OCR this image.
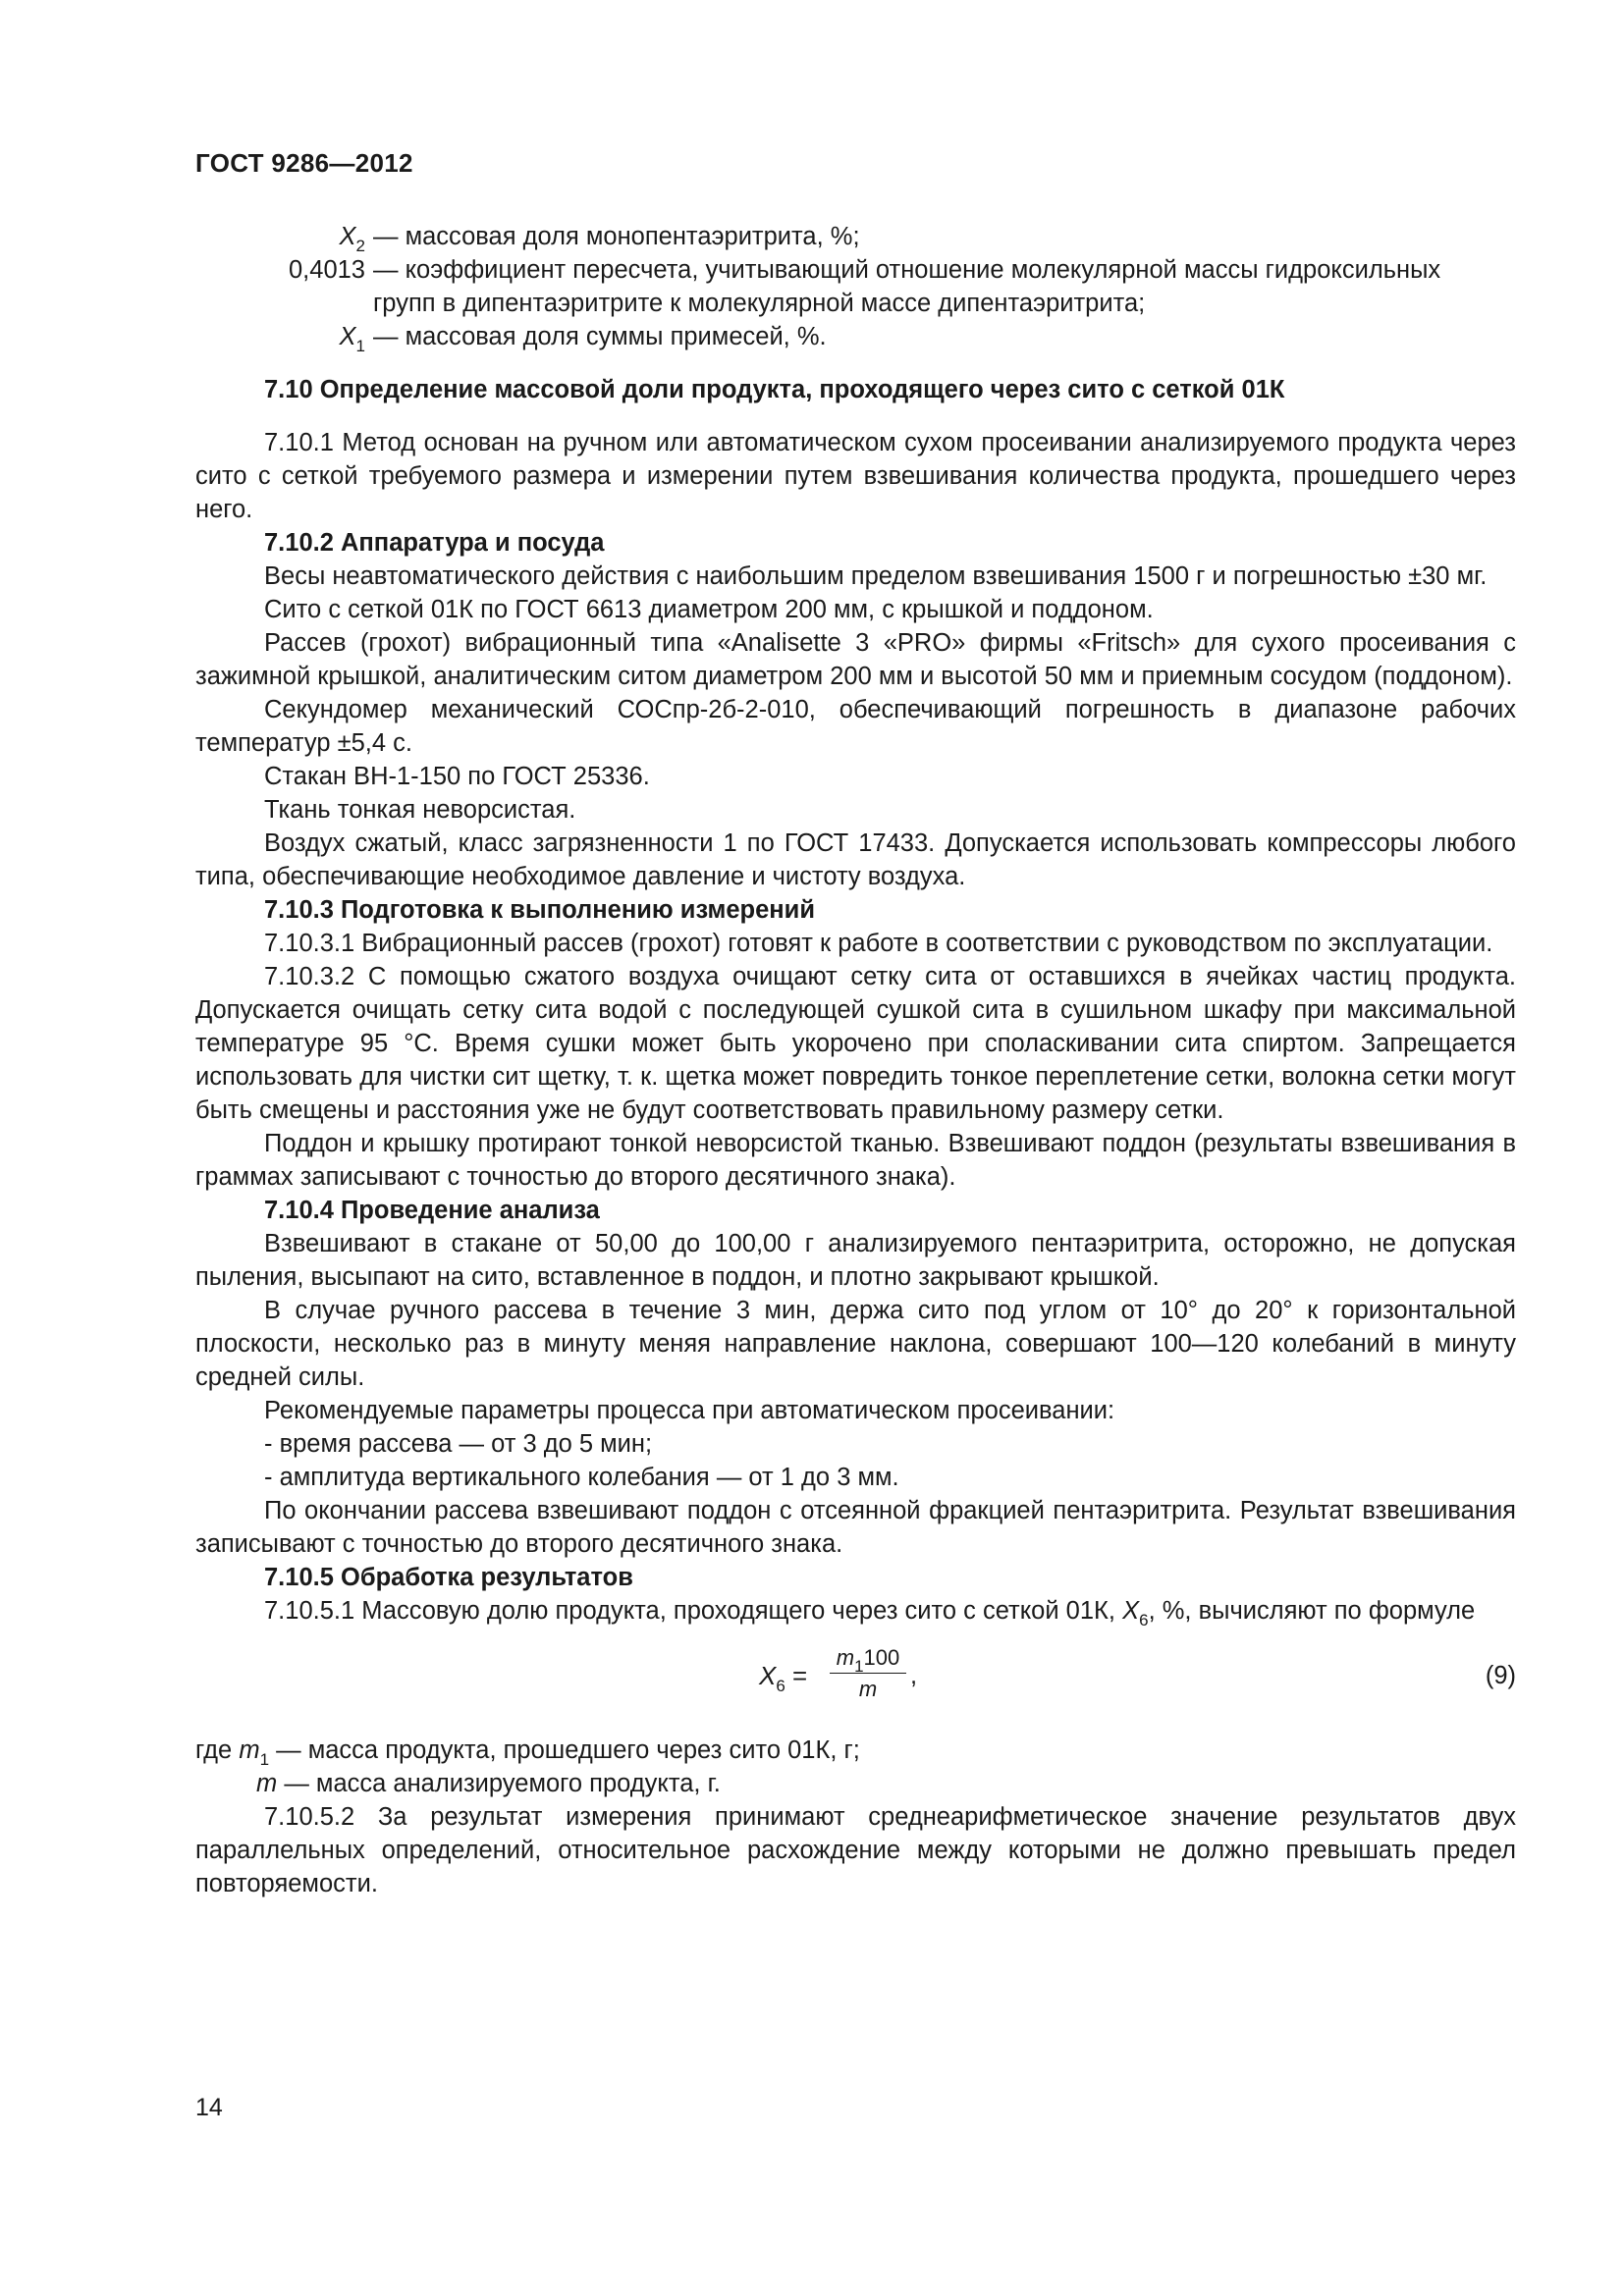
ГОСТ 9286—2012
$X_2$ — массовая доля монопентаэритрита, %;
0,4013 — коэффициент пересчета, учитывающий отношение молекулярной массы гидроксильных
групп в дипентаэритрите к молекулярной массе дипентаэритрита;
$X_1$ — массовая доля суммы примесей, %.

7.10 Определение массовой доли продукта, проходящего через сито с сеткой 01К

7.10.1 Метод основан на ручном или автоматическом сухом просеивании анализируемого продукта через сито с сеткой требуемого размера и измерении путем взвешивания количества продукта, прошедшего через него.

7.10.2 Аппаратура и посуда

Весы неавтоматического действия с наибольшим пределом взвешивания 1500 г и погрешностью ±30 мг.

Сито с сеткой 01К по ГОСТ 6613 диаметром 200 мм, с крышкой и поддоном.

Рассев (грохот) вибрационный типа «Analisette 3 «PRO» фирмы «Fritsch» для сухого просеивания с зажимной крышкой, аналитическим ситом диаметром 200 мм и высотой 50 мм и приемным сосудом (поддоном).

Секундомер механический СОСпр-2б-2-010, обеспечивающий погрешность в диапазоне рабочих температур ±5,4 с.

Стакан ВН-1-150 по ГОСТ 25336.

Ткань тонкая неворсистая.

Воздух сжатый, класс загрязненности 1 по ГОСТ 17433. Допускается использовать компрессоры любого типа, обеспечивающие необходимое давление и чистоту воздуха.

7.10.3 Подготовка к выполнению измерений

7.10.3.1 Вибрационный рассев (грохот) готовят к работе в соответствии с руководством по эксплуатации.

7.10.3.2 С помощью сжатого воздуха очищают сетку сита от оставшихся в ячейках частиц продукта. Допускается очищать сетку сита водой с последующей сушкой сита в сушильном шкафу при максимальной температуре 95 °С. Время сушки может быть укорочено при споласкивании сита спиртом. Запрещается использовать для чистки сит щетку, т. к. щетка может повредить тонкое переплетение сетки, волокна сетки могут быть смещены и расстояния уже не будут соответствовать правильному размеру сетки.

Поддон и крышку протирают тонкой неворсистой тканью. Взвешивают поддон (результаты взвешивания в граммах записывают с точностью до второго десятичного знака).

7.10.4 Проведение анализа

Взвешивают в стакане от 50,00 до 100,00 г анализируемого пентаэритрита, осторожно, не допуская пыления, высыпают на сито, вставленное в поддон, и плотно закрывают крышкой.

В случае ручного рассева в течение 3 мин, держа сито под углом от 10° до 20° к горизонтальной плоскости, несколько раз в минуту меняя направление наклона, совершают 100—120 колебаний в минуту средней силы.

Рекомендуемые параметры процесса при автоматическом просеивании:

- время рассева — от 3 до 5 мин;

- амплитуда вертикального колебания — от 1 до 3 мм.

По окончании рассева взвешивают поддон с отсеянной фракцией пентаэритрита. Результат взвешивания записывают с точностью до второго десятичного знака.

7.10.5 Обработка результатов

7.10.5.1 Массовую долю продукта, проходящего через сито с сеткой 01К, $X_6$, %, вычисляют по формуле

$X_6 = \frac{m_1100}{m}$ ,	(9)

где $m_1$ — масса продукта, прошедшего через сито 01К, г;

m — масса анализируемого продукта, г.

7.10.5.2 За результат измерения принимают среднеарифметическое значение результатов двух параллельных определений, относительное расхождение между которыми не должно превышать предел повторяемости.

14
